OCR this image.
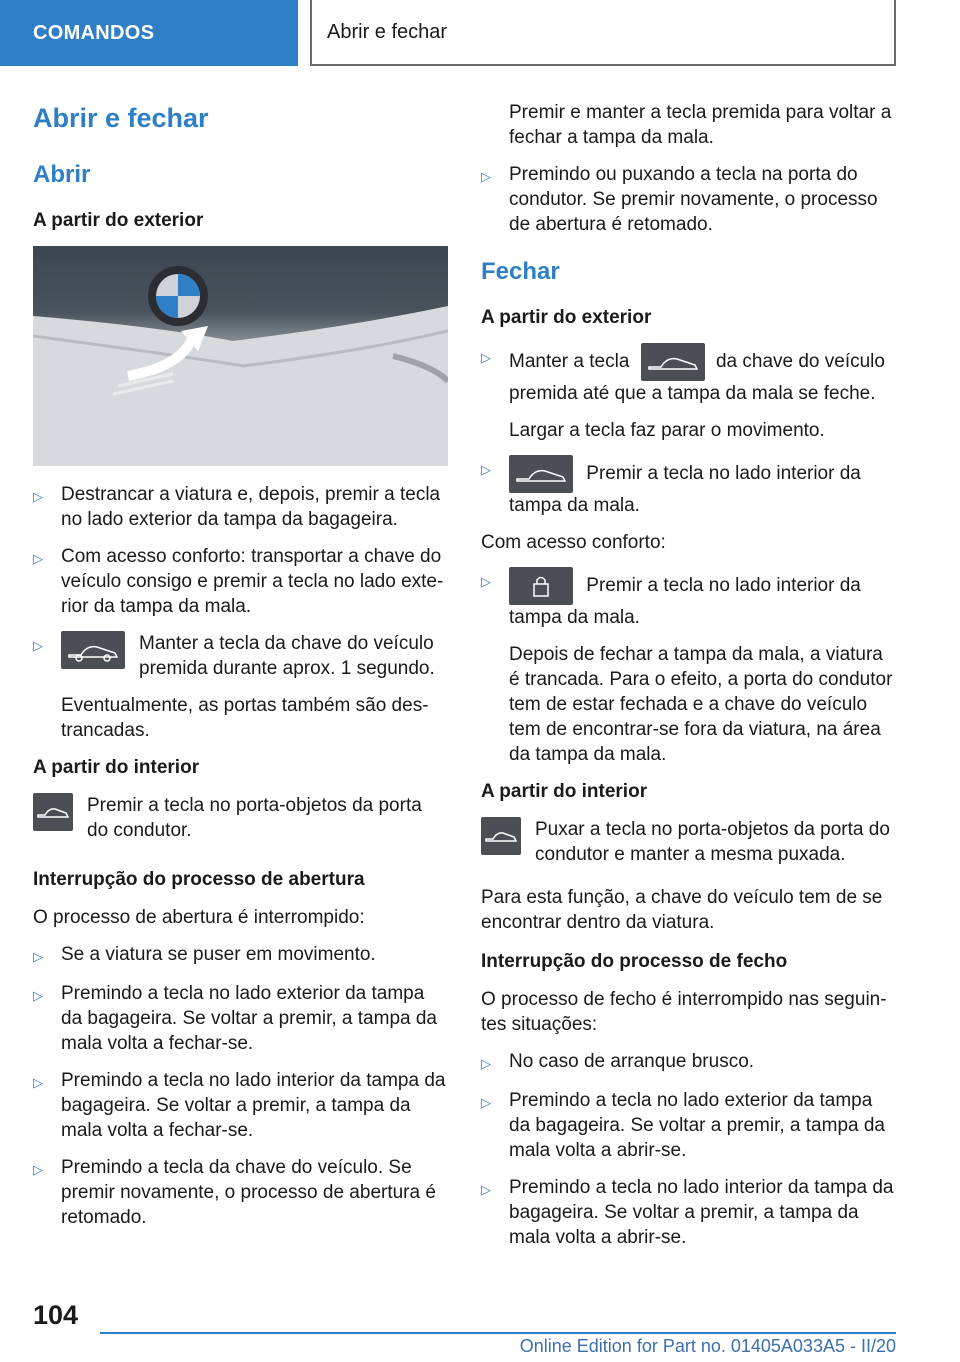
COMANDOS	Abrir e fechar
Abrir e fechar
Abrir
A partir do exterior
▷ Destrancar a viatura e, depois, premir a tecla no lado exterior da tampa da bagageira.
▷ Com acesso conforto: transportar a chave do veículo consigo e premir a tecla no lado exte-rior da tampa da mala.
▷	Manter a tecla da chave do veículo premida durante aprox. 1 segundo.

Eventualmente, as portas também são des-trancadas.

A partir do interior

Premir a tecla no porta-objetos da porta do condutor.

Interrupção do processo de abertura

O processo de abertura é interrompido:

▷ Se a viatura se puser em movimento.
▷ Premindo a tecla no lado exterior da tampa da bagageira. Se voltar a premir, a tampa da mala volta a fechar-se.
▷ Premindo a tecla no lado interior da tampa da bagageira. Se voltar a premir, a tampa da mala volta a fechar-se.
▷ Premindo a tecla da chave do veículo. Se premir novamente, o processo de abertura é retomado.

Premir e manter a tecla premida para voltar a fechar a tampa da mala.

▷ Premindo ou puxando a tecla na porta do condutor. Se premir novamente, o processo de abertura é retomado.
Fechar
A partir do exterior
▷ Manter a tecla	da chave do veículo premida até que a tampa da mala se feche.

Largar a tecla faz parar o movimento.

▷	Premir a tecla no lado interior da tampa da mala.

Com acesso conforto:

▷	Premir a tecla no lado interior da tampa da mala.

Depois de fechar a tampa da mala, a viatura é trancada. Para o efeito, a porta do condutor tem de estar fechada e a chave do veículo tem de encontrar-se fora da viatura, na área da tampa da mala.

A partir do interior

Puxar a tecla no porta-objetos da porta do condutor e manter a mesma puxada.

Para esta função, a chave do veículo tem de se encontrar dentro da viatura.

Interrupção do processo de fecho

O processo de fecho é interrompido nas seguin-tes situações:

▷ No caso de arranque brusco.
▷ Premindo a tecla no lado exterior da tampa da bagageira. Se voltar a premir, a tampa da mala volta a abrir-se.
▷ Premindo a tecla no lado interior da tampa da bagageira. Se voltar a premir, a tampa da mala volta a abrir-se.
104
Online Edition for Part no. 01405A033A5 - II/20
